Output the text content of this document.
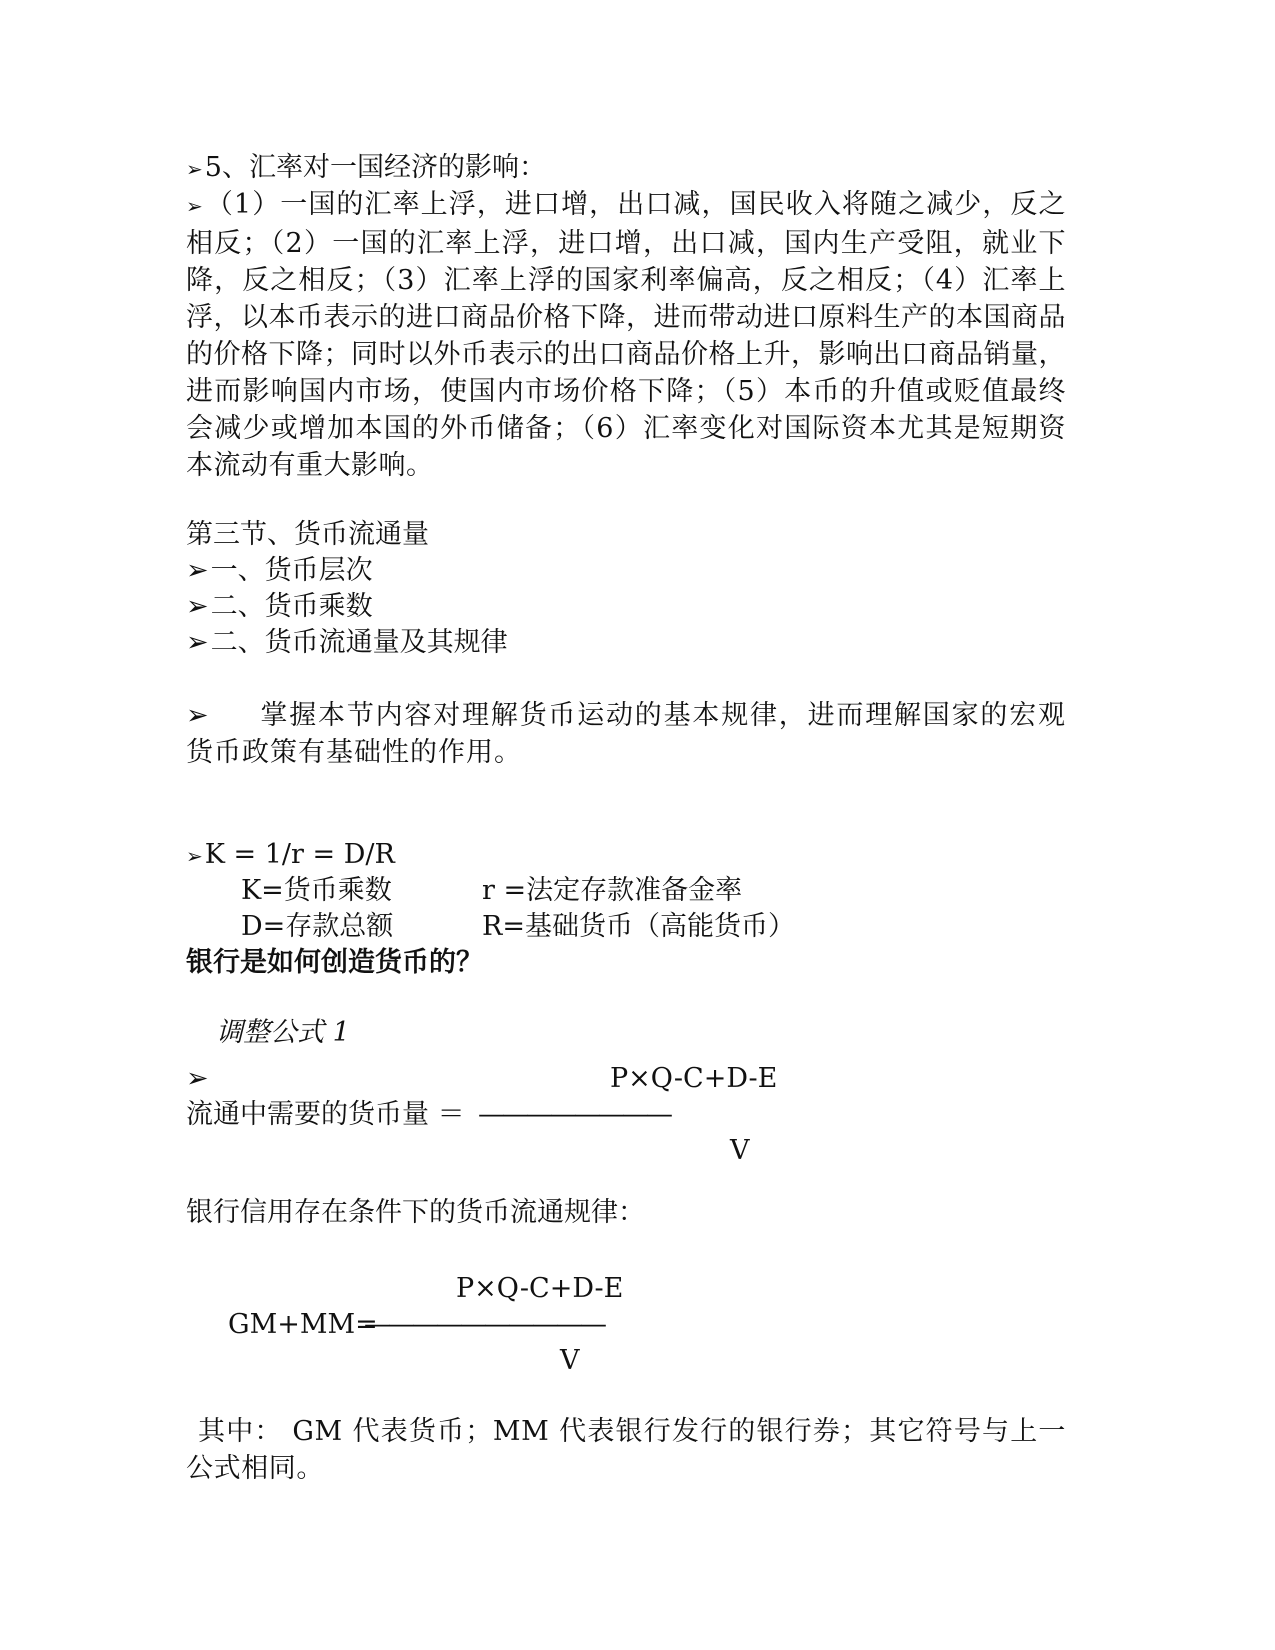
➢5、汇率对一国经济的影响：
➢（1）一国的汇率上浮，进口增，出口减，国民收入将随之减少，反之相反；（2）一国的汇率上浮，进口增，出口减，国内生产受阻，就业下降，反之相反；（3）汇率上浮的国家利率偏高，反之相反；（4）汇率上浮，以本币表示的进口商品价格下降，进而带动进口原料生产的本国商品的价格下降；同时以外币表示的出口商品价格上升，影响出口商品销量，进而影响国内市场，使国内市场价格下降；（5）本币的升值或贬值最终会减少或增加本国的外币储备；（6）汇率变化对国际资本尤其是短期资本流动有重大影响。
第三节、货币流通量
➢一、货币层次
➢二、货币乘数
➢二、货币流通量及其规律
➢ 掌握本节内容对理解货币运动的基本规律，进而理解国家的宏观货币政策有基础性的作用。
➢K = 1/r = D/R
K=货币乘数	r =法定存款准备金率
D=存款总额	R=基础货币（高能货币）
银行是如何创造货币的？
调整公式 1
➢	P×Q-C+D-E
流通中需要的货币量 ＝ ————————
V
银行信用存在条件下的货币流通规律：
P×Q-C+D-E
GM+MM=
——————————
V
其中： GM 代表货币；MM 代表银行发行的银行券；其它符号与上一公式相同。
